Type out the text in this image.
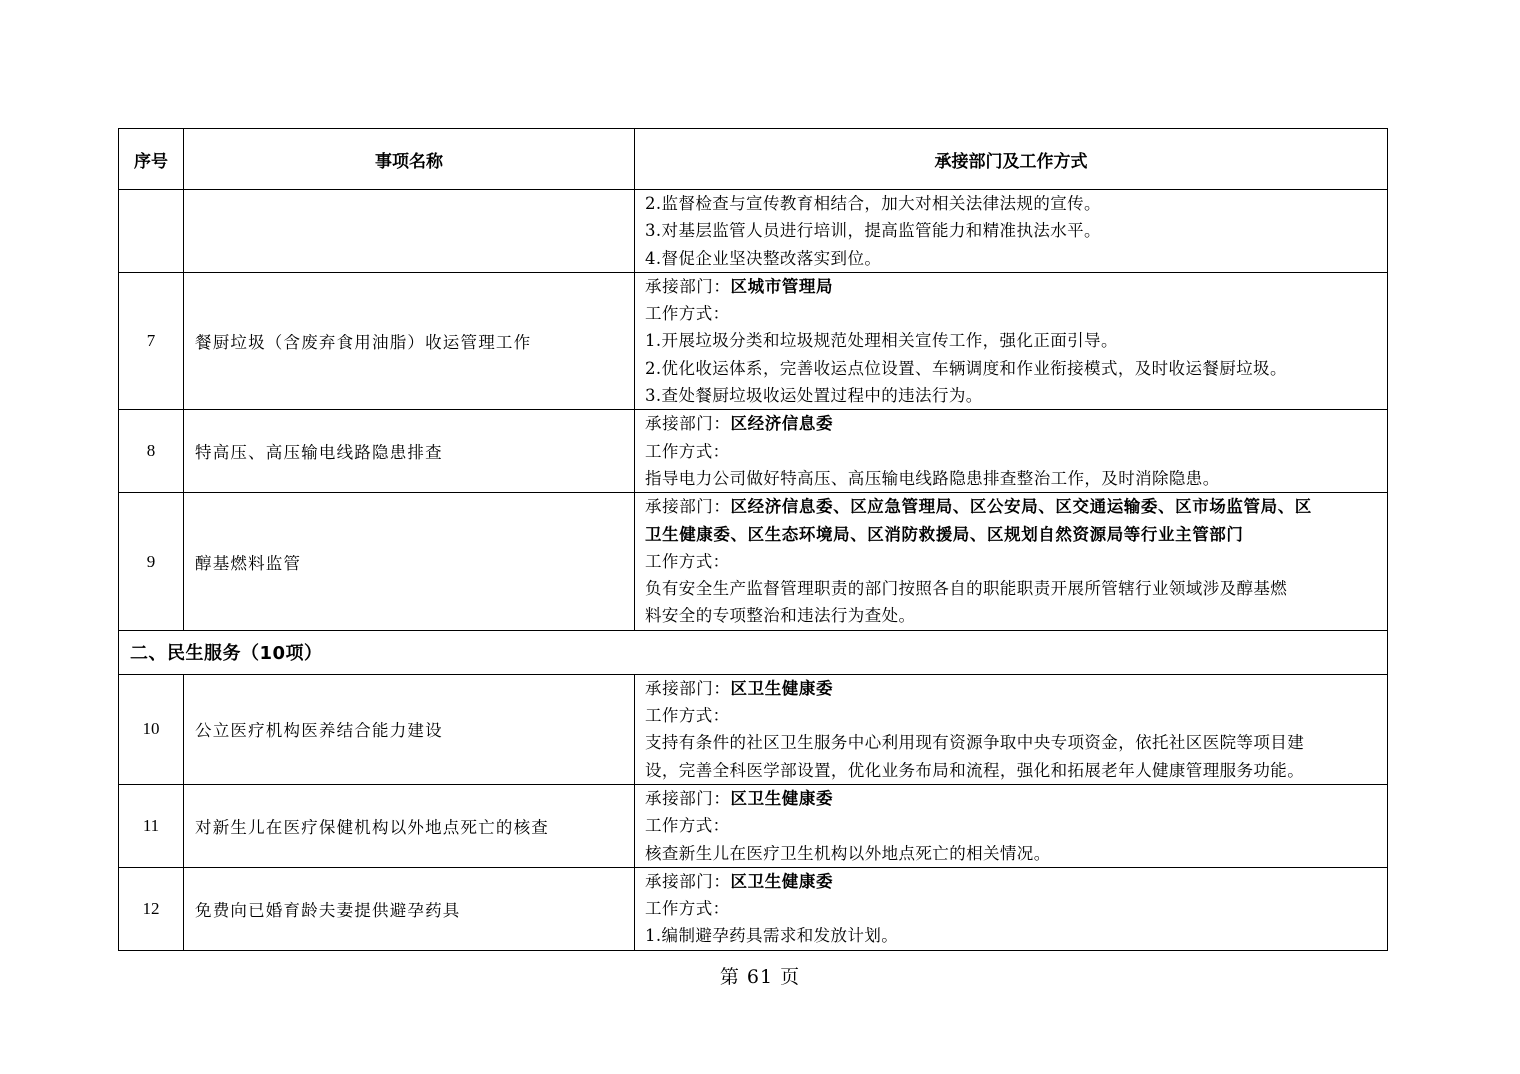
序号	事项名称	承接部门及工作方式

		2.监督检查与宣传教育相结合，加大对相关法律法规的宣传。
3.对基层监管人员进行培训，提高监管能力和精准执法水平。
4.督促企业坚决整改落实到位。

7	餐厨垃圾（含废弃食用油脂）收运管理工作	承接部门：区城市管理局
工作方式：
1.开展垃圾分类和垃圾规范处理相关宣传工作，强化正面引导。
2.优化收运体系，完善收运点位设置、车辆调度和作业衔接模式，及时收运餐厨垃圾。
3.查处餐厨垃圾收运处置过程中的违法行为。

8	特高压、高压输电线路隐患排查	承接部门：区经济信息委
工作方式：
指导电力公司做好特高压、高压输电线路隐患排查整治工作，及时消除隐患。

9	醇基燃料监管	承接部门：区经济信息委、区应急管理局、区公安局、区交通运输委、区市场监管局、区
卫生健康委、区生态环境局、区消防救援局、区规划自然资源局等行业主管部门
工作方式：
负有安全生产监督管理职责的部门按照各自的职能职责开展所管辖行业领域涉及醇基燃
料安全的专项整治和违法行为查处。

二、民生服务（10项）		
10	公立医疗机构医养结合能力建设	承接部门：区卫生健康委
工作方式：
支持有条件的社区卫生服务中心利用现有资源争取中央专项资金，依托社区医院等项目建
设，完善全科医学部设置，优化业务布局和流程，强化和拓展老年人健康管理服务功能。

11	对新生儿在医疗保健机构以外地点死亡的核查	承接部门：区卫生健康委
工作方式：
核查新生儿在医疗卫生机构以外地点死亡的相关情况。

12	免费向已婚育龄夫妻提供避孕药具	承接部门：区卫生健康委
工作方式：
1.编制避孕药具需求和发放计划。
第 61 页
